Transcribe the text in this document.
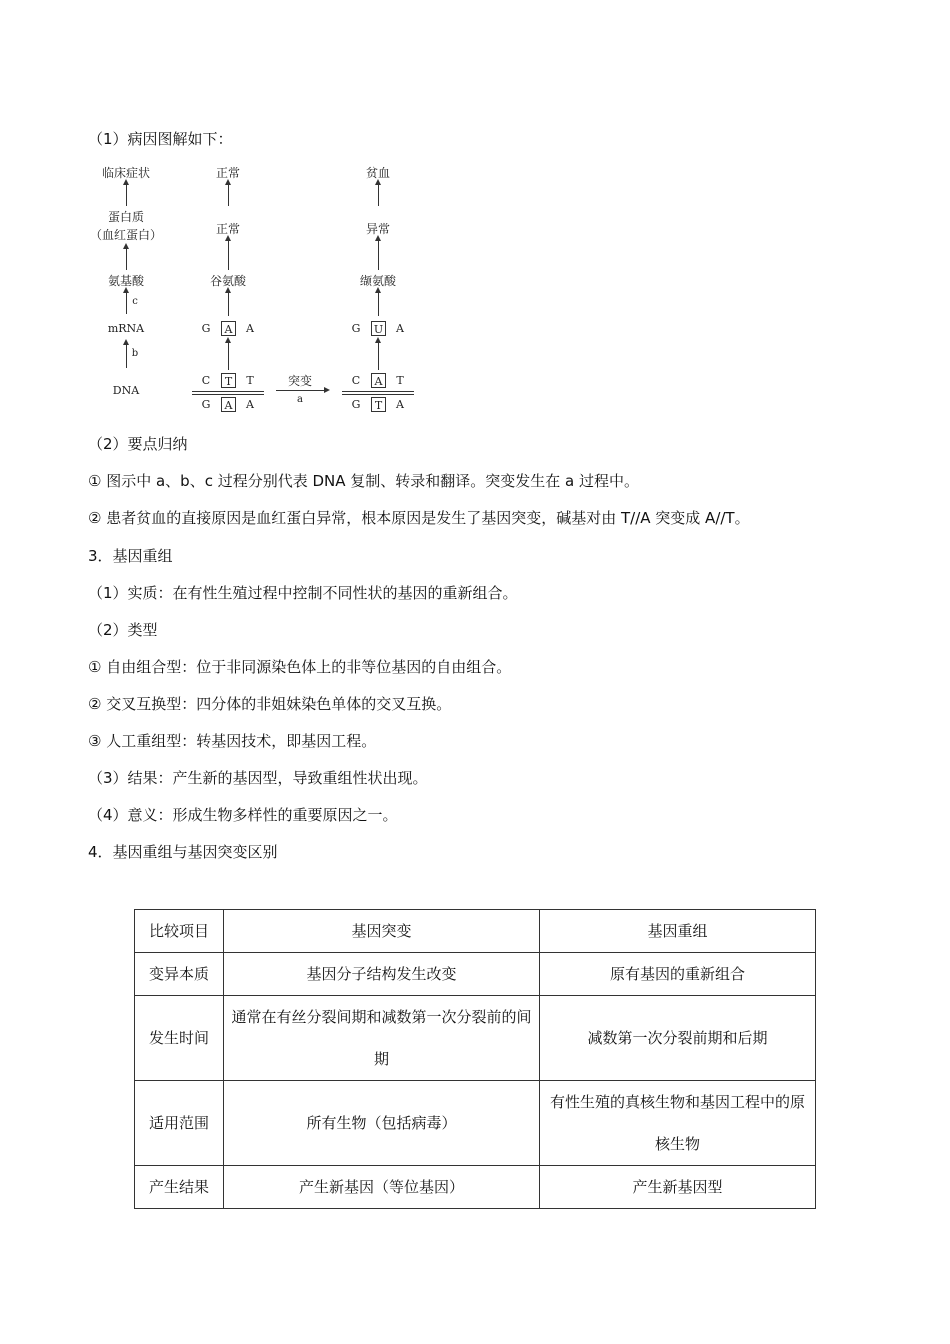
（1）病因图解如下：
临床症状
蛋白质
（血红蛋白）
氨基酸
c
mRNA
b
DNA
正常
正常
谷氨酸
G	A	A
C	T	T
G	A	A
突变
a
贫血
异常
缬氨酸
G U A
C	A	T
G	T	A
（2）要点归纳
① 图示中 a、b、c 过程分别代表 DNA 复制、转录和翻译。突变发生在 a 过程中。
② 患者贫血的直接原因是血红蛋白异常，根本原因是发生了基因突变，碱基对由 T//A 突变成 A//T。
3．基因重组
（1）实质：在有性生殖过程中控制不同性状的基因的重新组合。
（2）类型
① 自由组合型：位于非同源染色体上的非等位基因的自由组合。
② 交叉互换型：四分体的非姐妹染色单体的交叉互换。
③ 人工重组型：转基因技术，即基因工程。
（3）结果：产生新的基因型，导致重组性状出现。
（4）意义：形成生物多样性的重要原因之一。
4．基因重组与基因突变区别
比较项目	基因突变	基因重组
变异本质	基因分子结构发生改变	原有基因的重新组合
发生时间	通常在有丝分裂间期和减数第一次分裂前的间期	减数第一次分裂前期和后期
适用范围	所有生物（包括病毒）	有性生殖的真核生物和基因工程中的原核生物
产生结果	产生新基因（等位基因）	产生新基因型
